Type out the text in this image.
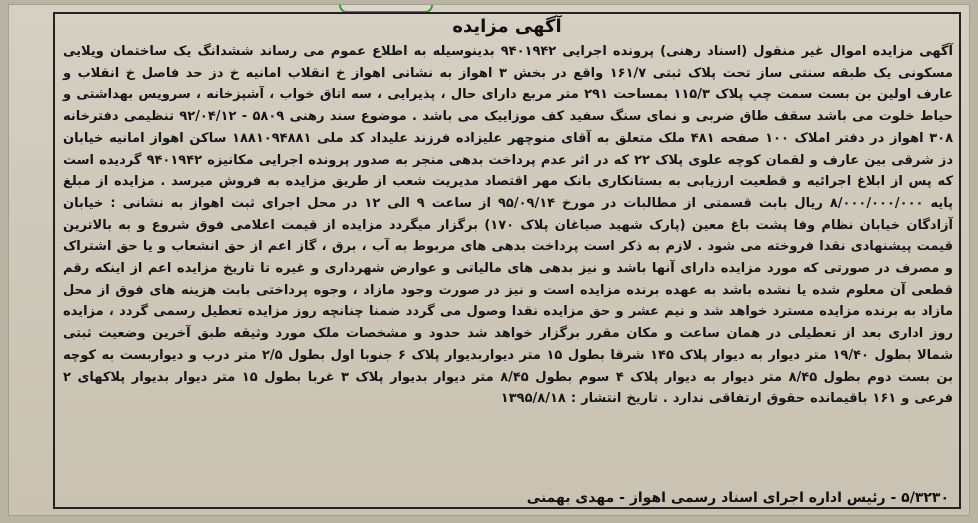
آگهی مزایده
آگهی مزایده اموال غیر منقول (اسناد رهنی) پرونده اجرایی ۹۴۰۱۹۴۲ بدینوسیله به اطلاع عموم می رساند ششدانگ یک ساختمان ویلایی مسکونی یک طبقه سنتی ساز تحت پلاک ثبتی ۱۶۱/۷ واقع در بخش ۳ اهواز به نشانی اهواز خ انقلاب امانیه خ دز حد فاصل خ انقلاب و عارف اولین بن بست سمت چپ پلاک ۱۱۵/۳ بمساحت ۲۹۱ متر مربع دارای حال ، پذیرایی ، سه اتاق خواب ، آشپزخانه ، سرویس بهداشتی و حیاط خلوت می باشد سقف طاق ضربی و نمای سنگ سفید کف موزاییک می باشد . موضوع سند رهنی ۵۸۰۹ - ۹۲/۰۴/۱۲ تنظیمی دفترخانه ۳۰۸ اهواز در دفتر املاک ۱۰۰ صفحه ۴۸۱ ملک متعلق به آقای منوچهر علیزاده فرزند علیداد کد ملی ۱۸۸۱۰۹۴۸۸۱ ساکن اهواز امانیه خیابان دز شرقی بین عارف و لقمان کوچه علوی پلاک ۲۲ که در اثر عدم پرداخت بدهی منجر به صدور پرونده اجرایی مکانیزه ۹۴۰۱۹۴۲ گردیده است که پس از ابلاغ اجرائیه و قطعیت ارزیابی به بستانکاری بانک مهر اقتصاد مدیریت شعب از طریق مزایده به فروش میرسد . مزایده از مبلغ پایه ۸/۰۰۰/۰۰۰/۰۰۰ ریال بابت قسمتی از مطالبات در مورخ ۹۵/۰۹/۱۴ از ساعت ۹ الی ۱۲ در محل اجرای ثبت اهواز به نشانی : خیابان آزادگان خیابان نظام وفا پشت باغ معین (پارک شهید صیاغان پلاک ۱۷۰) برگزار میگردد مزایده از قیمت اعلامی فوق شروع و به بالاترین قیمت پیشنهادی نقدا فروخته می شود . لازم به ذکر است پرداخت بدهی های مربوط به آب ، برق ، گاز اعم از حق انشعاب و یا حق اشتراک و مصرف در صورتی که مورد مزایده دارای آنها باشد و نیز بدهی های مالیاتی و عوارض شهرداری و غیره تا تاریخ مزایده اعم از اینکه رقم قطعی آن معلوم شده یا نشده باشد به عهده برنده مزایده است و نیز در صورت وجود مازاد ، وجوه پرداختی بابت هزینه های فوق از محل مازاد به برنده مزایده مسترد خواهد شد و نیم عشر و حق مزایده نقدا وصول می گردد ضمنا چنانچه روز مزایده تعطیل رسمی گردد ، مزایده روز اداری بعد از تعطیلی در همان ساعت و مکان مقرر برگزار خواهد شد حدود و مشخصات ملک مورد وثیقه طبق آخرین وضعیت ثبتی شمالا بطول ۱۹/۴۰ متر دیوار به دیوار پلاک ۱۴۵ شرقا بطول ۱۵ متر دیواربدیوار پلاک ۶ جنوبا اول بطول ۲/۵ متر درب و دیواربست به کوچه بن بست دوم بطول ۸/۴۵ متر دیوار به دیوار پلاک ۴ سوم بطول ۸/۴۵ متر دیوار بدیوار پلاک ۳ غربا بطول ۱۵ متر دیوار بدیوار پلاکهای ۲ فرعی و ۱۶۱ باقیمانده حقوق ارتفاقی ندارد . تاریخ انتشار : ۱۳۹۵/۸/۱۸
۵/۳۲۳۰ - رئیس اداره اجرای اسناد رسمی اهواز - مهدی بهمنی
